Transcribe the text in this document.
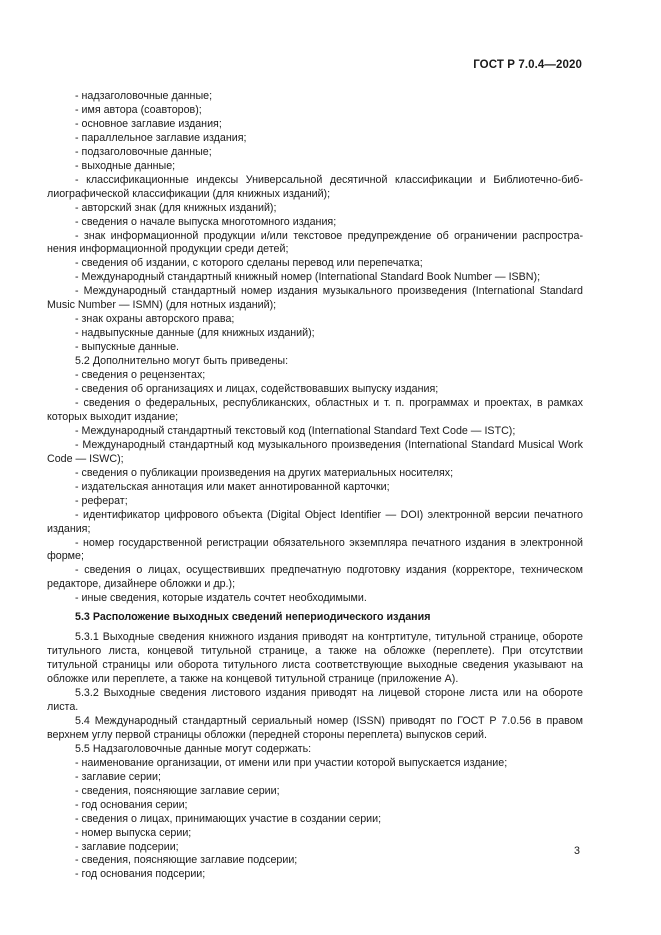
ГОСТ Р 7.0.4—2020

- надзаголовочные данные;

- имя автора (соавторов);

- основное заглавие издания;

- параллельное заглавие издания;

- подзаголовочные данные;

- выходные данные;

- классификационные индексы Универсальной десятичной классификации и Библиотечно-библиографической классификации (для книжных изданий);

- авторский знак (для книжных изданий);

- сведения о начале выпуска многотомного издания;

- знак информационной продукции и/или текстовое предупреждение об ограничении распространения информационной продукции среди детей;

- сведения об издании, с которого сделаны перевод или перепечатка;

- Международный стандартный книжный номер (International Standard Book Number — ISBN);

- Международный стандартный номер издания музыкального произведения (International Standard Music Number — ISMN) (для нотных изданий);

- знак охраны авторского права;

- надвыпускные данные (для книжных изданий);

- выпускные данные.

5.2 Дополнительно могут быть приведены:

- сведения о рецензентах;

- сведения об организациях и лицах, содействовавших выпуску издания;

- сведения о федеральных, республиканских, областных и т. п. программах и проектах, в рамках которых выходит издание;

- Международный стандартный текстовый код (International Standard Text Code — ISTC);

- Международный стандартный код музыкального произведения (International Standard Musical Work Code — ISWC);

- сведения о публикации произведения на других материальных носителях;

- издательская аннотация или макет аннотированной карточки;

- реферат;

- идентификатор цифрового объекта (Digital Object Identifier — DOI) электронной версии печатного издания;

- номер государственной регистрации обязательного экземпляра печатного издания в электронной форме;

- сведения о лицах, осуществивших предпечатную подготовку издания (корректоре, техническом редакторе, дизайнере обложки и др.);

- иные сведения, которые издатель сочтет необходимыми.

5.3 Расположение выходных сведений непериодического издания

5.3.1 Выходные сведения книжного издания приводят на контртитуле, титульной странице, обороте титульного листа, концевой титульной странице, а также на обложке (переплете). При отсутствии титульной страницы или оборота титульного листа соответствующие выходные сведения указывают на обложке или переплете, а также на концевой титульной странице (приложение А).

5.3.2 Выходные сведения листового издания приводят на лицевой стороне листа или на обороте листа.

5.4 Международный стандартный сериальный номер (ISSN) приводят по ГОСТ Р 7.0.56 в правом верхнем углу первой страницы обложки (передней стороны переплета) выпусков серий.

5.5 Надзаголовочные данные могут содержать:

- наименование организации, от имени или при участии которой выпускается издание;

- заглавие серии;

- сведения, поясняющие заглавие серии;

- год основания серии;

- сведения о лицах, принимающих участие в создании серии;

- номер выпуска серии;

- заглавие подсерии;

- сведения, поясняющие заглавие подсерии;

- год основания подсерии;

3
